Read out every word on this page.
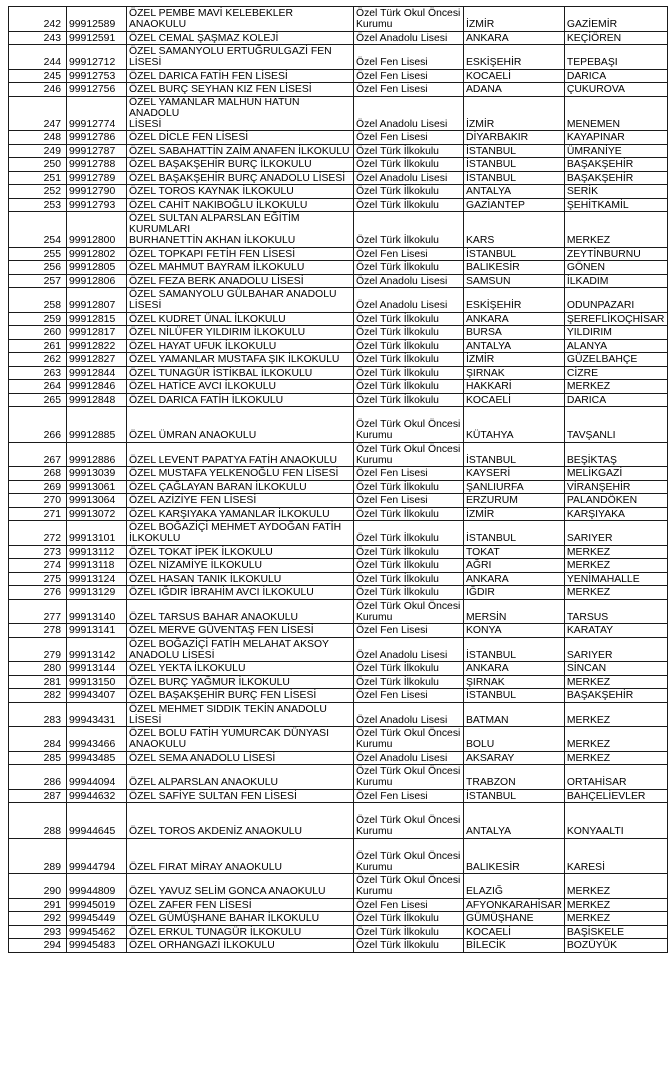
242	99912589	ÖZEL PEMBE MAVİ KELEBEKLER ANAOKULU	Özel Türk Okul Öncesi
Kurumu	İZMİR	GAZİEMİR
243	99912591	ÖZEL CEMAL ŞAŞMAZ KOLEJİ	Özel Anadolu Lisesi	ANKARA	KEÇİÖREN
244	99912712	ÖZEL SAMANYOLU ERTUĞRULGAZİ FEN LİSESİ	Özel Fen Lisesi	ESKİŞEHİR	TEPEBAŞI
245	99912753	ÖZEL DARICA FATİH FEN LİSESİ	Özel Fen Lisesi	KOCAELİ	DARICA
246	99912756	ÖZEL BURÇ SEYHAN KIZ FEN LİSESİ	Özel Fen Lisesi	ADANA	ÇUKUROVA
247	99912774	ÖZEL YAMANLAR MALHUN HATUN ANADOLU
LİSESİ	Özel Anadolu Lisesi	İZMİR	MENEMEN
248	99912786	ÖZEL DİCLE FEN LİSESİ	Özel Fen Lisesi	DİYARBAKIR	KAYAPINAR
249	99912787	ÖZEL SABAHATTİN ZAİM ANAFEN İLKOKULU	Özel Türk İlkokulu	İSTANBUL	ÜMRANİYE
250	99912788	ÖZEL BAŞAKŞEHİR BURÇ İLKOKULU	Özel Türk İlkokulu	İSTANBUL	BAŞAKŞEHİR
251	99912789	ÖZEL BAŞAKŞEHİR BURÇ ANADOLU LİSESİ	Özel Anadolu Lisesi	İSTANBUL	BAŞAKŞEHİR
252	99912790	ÖZEL TOROS KAYNAK İLKOKULU	Özel Türk İlkokulu	ANTALYA	SERİK
253	99912793	ÖZEL CAHİT NAKIBOĞLU İLKOKULU	Özel Türk İlkokulu	GAZİANTEP	ŞEHİTKAMİL
254	99912800	ÖZEL SULTAN ALPARSLAN EĞİTİM KURUMLARI
BURHANETTİN AKHAN İLKOKULU	Özel Türk İlkokulu	KARS	MERKEZ
255	99912802	ÖZEL TOPKAPI FETİH FEN LİSESİ	Özel Fen Lisesi	İSTANBUL	ZEYTİNBURNU
256	99912805	ÖZEL MAHMUT BAYRAM İLKOKULU	Özel Türk İlkokulu	BALIKESİR	GÖNEN
257	99912806	ÖZEL FEZA BERK ANADOLU LİSESİ	Özel Anadolu Lisesi	SAMSUN	İLKADIM
258	99912807	ÖZEL SAMANYOLU GÜLBAHAR ANADOLU
LİSESİ	Özel Anadolu Lisesi	ESKİŞEHİR	ODUNPAZARI
259	99912815	ÖZEL KUDRET ÜNAL İLKOKULU	Özel Türk İlkokulu	ANKARA	ŞEREFLİKOÇHİSAR
260	99912817	ÖZEL NİLÜFER YILDIRIM İLKOKULU	Özel Türk İlkokulu	BURSA	YILDIRIM
261	99912822	ÖZEL HAYAT UFUK İLKOKULU	Özel Türk İlkokulu	ANTALYA	ALANYA
262	99912827	ÖZEL YAMANLAR MUSTAFA ŞIK İLKOKULU	Özel Türk İlkokulu	İZMİR	GÜZELBAHÇE
263	99912844	ÖZEL TUNAGÜR İSTİKBAL İLKOKULU	Özel Türk İlkokulu	ŞIRNAK	CİZRE
264	99912846	ÖZEL HATİCE AVCI İLKOKULU	Özel Türk İlkokulu	HAKKARİ	MERKEZ
265	99912848	ÖZEL DARICA FATİH İLKOKULU	Özel Türk İlkokulu	KOCAELİ	DARICA
266	99912885	ÖZEL ÜMRAN ANAOKULU	Özel Türk Okul Öncesi
Kurumu	KÜTAHYA	TAVŞANLI
267	99912886	ÖZEL LEVENT PAPATYA FATİH ANAOKULU	Özel Türk Okul Öncesi
Kurumu	İSTANBUL	BEŞİKTAŞ
268	99913039	ÖZEL MUSTAFA YELKENOĞLU FEN LİSESİ	Özel Fen Lisesi	KAYSERİ	MELİKGAZİ
269	99913061	ÖZEL ÇAĞLAYAN BARAN İLKOKULU	Özel Türk İlkokulu	ŞANLIURFA	VİRANŞEHİR
270	99913064	ÖZEL AZİZİYE FEN LİSESİ	Özel Fen Lisesi	ERZURUM	PALANDÖKEN
271	99913072	ÖZEL KARŞIYAKA YAMANLAR İLKOKULU	Özel Türk İlkokulu	İZMİR	KARŞIYAKA
272	99913101	ÖZEL BOĞAZİÇİ MEHMET AYDOĞAN FATİH
İLKOKULU	Özel Türk İlkokulu	İSTANBUL	SARIYER
273	99913112	ÖZEL TOKAT İPEK İLKOKULU	Özel Türk İlkokulu	TOKAT	MERKEZ
274	99913118	ÖZEL NİZAMİYE İLKOKULU	Özel Türk İlkokulu	AĞRI	MERKEZ
275	99913124	ÖZEL HASAN TANIK İLKOKULU	Özel Türk İlkokulu	ANKARA	YENİMAHALLE
276	99913129	ÖZEL IĞDIR İBRAHİM AVCI İLKOKULU	Özel Türk İlkokulu	IĞDIR	MERKEZ
277	99913140	ÖZEL TARSUS BAHAR ANAOKULU	Özel Türk Okul Öncesi
Kurumu	MERSİN	TARSUS
278	99913141	ÖZEL MERVE GÜVENTAŞ FEN LİSESİ	Özel Fen Lisesi	KONYA	KARATAY
279	99913142	ÖZEL BOĞAZİÇİ FATİH MELAHAT AKSOY
ANADOLU LİSESİ	Özel Anadolu Lisesi	İSTANBUL	SARIYER
280	99913144	ÖZEL YEKTA İLKOKULU	Özel Türk İlkokulu	ANKARA	SİNCAN
281	99913150	ÖZEL BURÇ YAĞMUR İLKOKULU	Özel Türk İlkokulu	ŞIRNAK	MERKEZ
282	99943407	ÖZEL BAŞAKŞEHİR BURÇ FEN LİSESİ	Özel Fen Lisesi	İSTANBUL	BAŞAKŞEHİR
283	99943431	ÖZEL MEHMET SIDDIK TEKİN ANADOLU LİSESİ	Özel Anadolu Lisesi	BATMAN	MERKEZ
284	99943466	ÖZEL BOLU FATİH YUMURCAK DÜNYASI
ANAOKULU	Özel Türk Okul Öncesi
Kurumu	BOLU	MERKEZ
285	99943485	ÖZEL SEMA ANADOLU LİSESİ	Özel Anadolu Lisesi	AKSARAY	MERKEZ
286	99944094	ÖZEL ALPARSLAN ANAOKULU	Özel Türk Okul Öncesi
Kurumu	TRABZON	ORTAHİSAR
287	99944632	ÖZEL SAFİYE SULTAN FEN LİSESİ	Özel Fen Lisesi	İSTANBUL	BAHÇELİEVLER
288	99944645	ÖZEL TOROS AKDENİZ ANAOKULU	Özel Türk Okul Öncesi
Kurumu	ANTALYA	KONYAALTI
289	99944794	ÖZEL FIRAT MİRAY ANAOKULU	Özel Türk Okul Öncesi
Kurumu	BALIKESİR	KARESİ
290	99944809	ÖZEL YAVUZ SELİM GONCA ANAOKULU	Özel Türk Okul Öncesi
Kurumu	ELAZIĞ	MERKEZ
291	99945019	ÖZEL ZAFER FEN LİSESİ	Özel Fen Lisesi	AFYONKARAHİSAR	MERKEZ
292	99945449	ÖZEL GÜMÜŞHANE BAHAR İLKOKULU	Özel Türk İlkokulu	GÜMÜŞHANE	MERKEZ
293	99945462	ÖZEL ERKUL TUNAGÜR İLKOKULU	Özel Türk İlkokulu	KOCAELİ	BAŞİSKELE
294	99945483	ÖZEL ORHANGAZİ İLKOKULU	Özel Türk İlkokulu	BİLECİK	BOZÜYÜK
